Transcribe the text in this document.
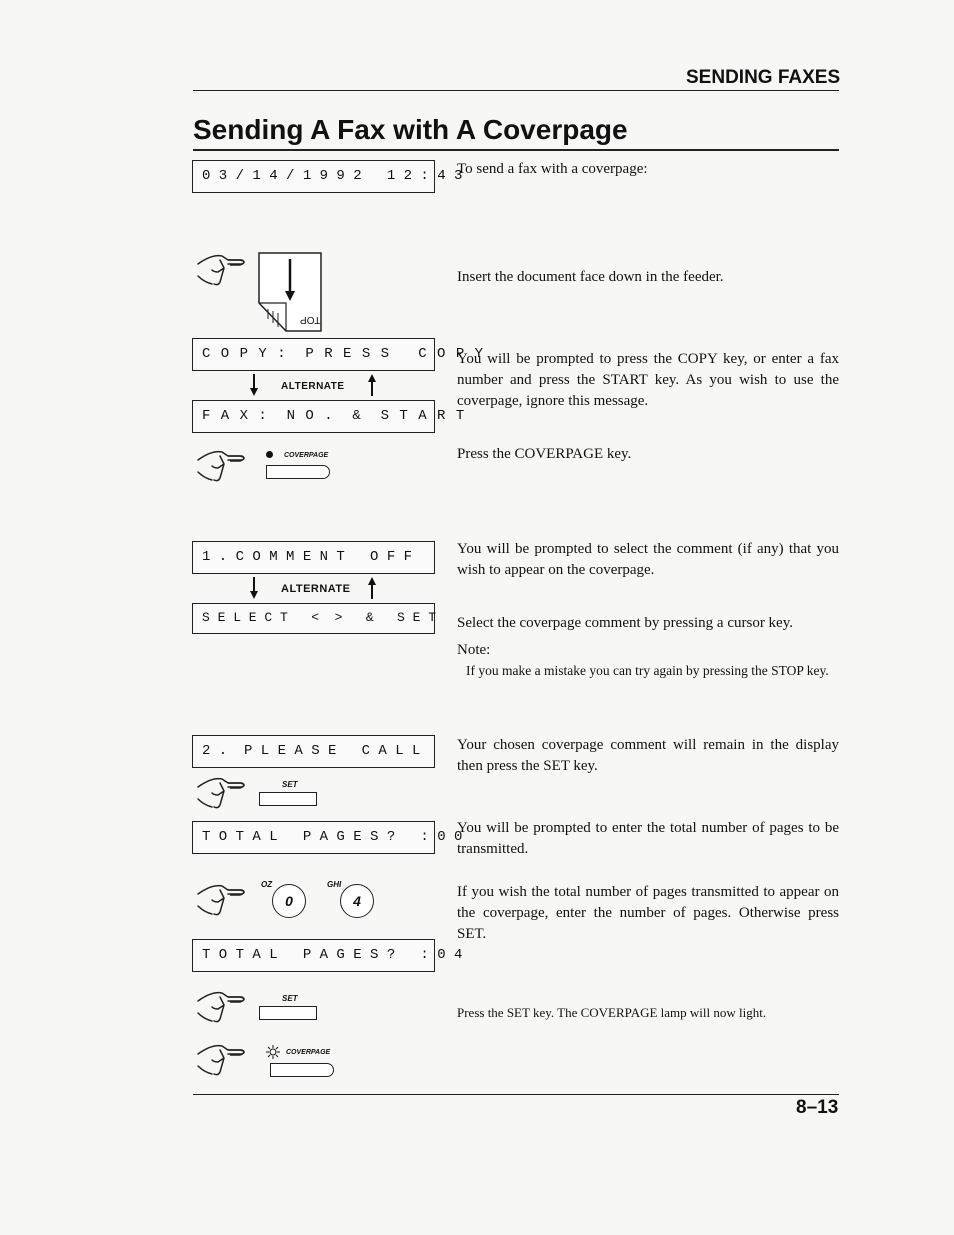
SENDING FAXES
Sending A Fax with A Coverpage
0 3 / 1 4 / 1 9 9 2   1 2 : 4 3
To send a fax with a coverpage:
TOP
Insert the document face down in the feeder.
C O P Y :  P R E S S   C O P Y
ALTERNATE
F A X :  N O .  &  S T A R T
You will be prompted to press the COPY key, or enter a fax number and press the START key. As you wish to use the coverpage, ignore this message.
COVERPAGE	Press the COVERPAGE key.
1 . C O M M E N T   O F F
ALTERNATE
S E L E C T   <  >   &   S E T
You will be prompted to select the comment (if any) that you wish to appear on the coverpage.
Select the coverpage comment by pressing a cursor key.
Note:
If you make a mistake you can try again by pressing the STOP key.
2 .  P L E A S E   C A L L
SET
Your chosen coverpage comment will remain in the display then press the SET key.
T O T A L   P A G E S ?   : 0 0
You will be prompted to enter the total number of pages to be transmitted.
OZ
0
GHI
4
If you wish the total number of pages transmitted to appear on the coverpage, enter the number of pages. Otherwise press SET.
T O T A L   P A G E S ?   : 0 4
SET
Press the SET key. The COVERPAGE lamp will now light.
COVERPAGE
8–13
